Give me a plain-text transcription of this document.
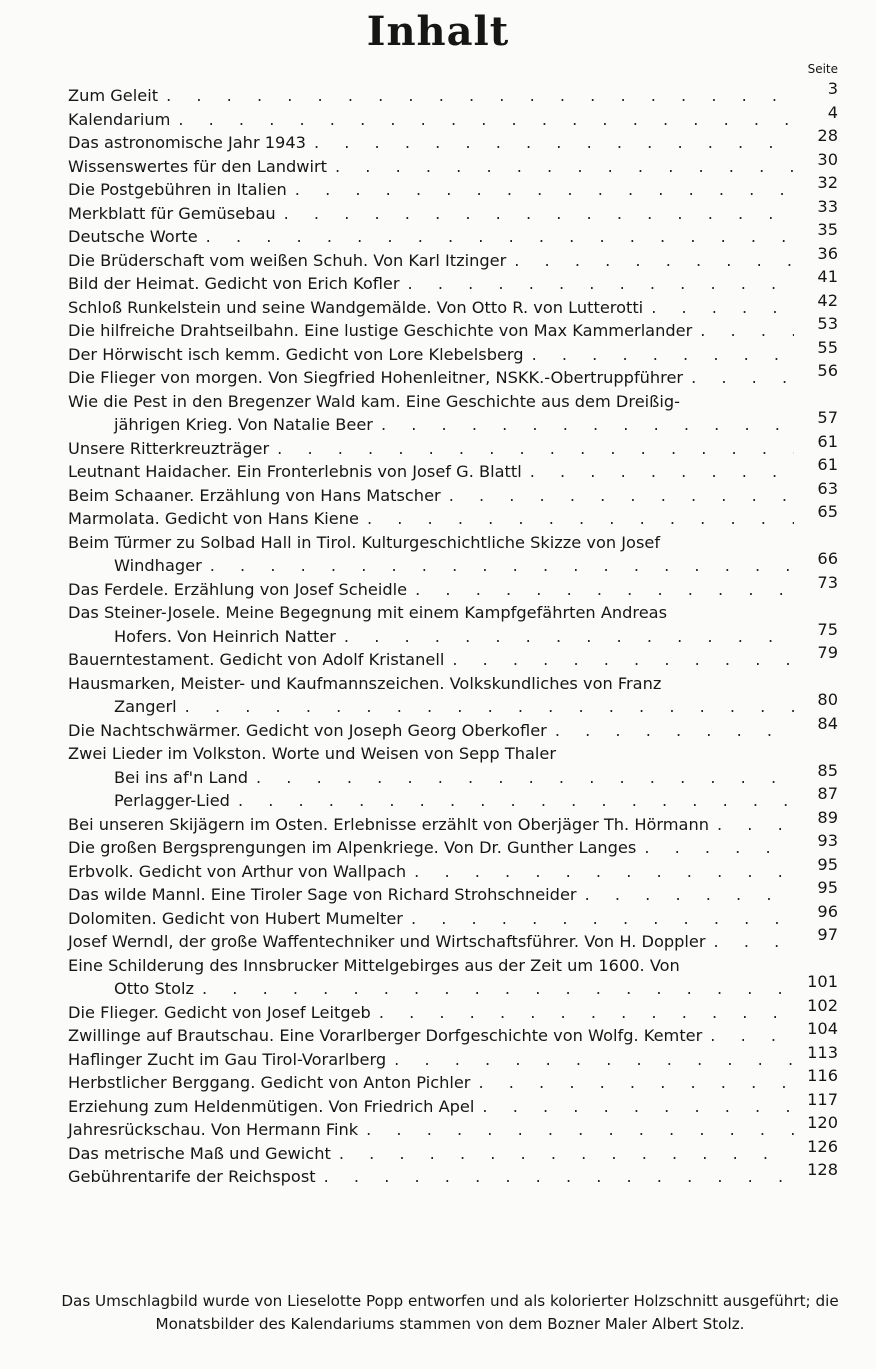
Inhalt
Seite
Zum Geleit . . .	3
Kalendarium . . .	4
Das astronomische Jahr 1943 . . .	28
Wissenswertes für den Landwirt . . .	30
Die Postgebühren in Italien . . .	32
Merkblatt für Gemüsebau . . .	33
Deutsche Worte . . .	35
Die Brüderschaft vom weißen Schuh. Von Karl Itzinger . . .	36
Bild der Heimat. Gedicht von Erich Kofler . . .	41
Schloß Runkelstein und seine Wandgemälde. Von Otto R. von Lutterotti . . .	42
Die hilfreiche Drahtseilbahn. Eine lustige Geschichte von Max Kammerlander . . .	53
Der Hörwischt isch kemm. Gedicht von Lore Klebelsberg . . .	55
Die Flieger von morgen. Von Siegfried Hohenleitner, NSKK.-Obertruppführer . . .	56
Wie die Pest in den Bregenzer Wald kam. Eine Geschichte aus dem Dreißig-
jährigen Krieg. Von Natalie Beer . . .	57
Unsere Ritterkreuzträger . . .	61
Leutnant Haidacher. Ein Fronterlebnis von Josef G. Blattl . . .	61
Beim Schaaner. Erzählung von Hans Matscher . . .	63
Marmolata. Gedicht von Hans Kiene . . .	65
Beim Türmer zu Solbad Hall in Tirol. Kulturgeschichtliche Skizze von Josef
Windhager . . .	66
Das Ferdele. Erzählung von Josef Scheidle . . .	73
Das Steiner-Josele. Meine Begegnung mit einem Kampfgefährten Andreas
Hofers. Von Heinrich Natter . . .	75
Bauerntestament. Gedicht von Adolf Kristanell . . .	79
Hausmarken, Meister- und Kaufmannszeichen. Volkskundliches von Franz
Zangerl . . .	80
Die Nachtschwärmer. Gedicht von Joseph Georg Oberkofler . . .	84
Zwei Lieder im Volkston. Worte und Weisen von Sepp Thaler
Bei ins af'n Land . . .	85
Perlagger-Lied . . .	87
Bei unseren Skijägern im Osten. Erlebnisse erzählt von Oberjäger Th. Hörmann . . .	89
Die großen Bergsprengungen im Alpenkriege. Von Dr. Gunther Langes . . .	93
Erbvolk. Gedicht von Arthur von Wallpach . . .	95
Das wilde Mannl. Eine Tiroler Sage von Richard Strohschneider . . .	95
Dolomiten. Gedicht von Hubert Mumelter . . .	96
Josef Werndl, der große Waffentechniker und Wirtschaftsführer. Von H. Doppler . . .	97
Eine Schilderung des Innsbrucker Mittelgebirges aus der Zeit um 1600. Von
Otto Stolz . . .	101
Die Flieger. Gedicht von Josef Leitgeb . . .	102
Zwillinge auf Brautschau. Eine Vorarlberger Dorfgeschichte von Wolfg. Kemter . . .	104
Haflinger Zucht im Gau Tirol-Vorarlberg . . .	113
Herbstlicher Berggang. Gedicht von Anton Pichler . . .	116
Erziehung zum Heldenmütigen. Von Friedrich Apel . . .	117
Jahresrückschau. Von Hermann Fink . . .	120
Das metrische Maß und Gewicht . . .	126
Gebührentarife der Reichspost . . .	128
Das Umschlagbild wurde von Lieselotte Popp entworfen und als kolorierter Holzschnitt ausgeführt; die Monatsbilder des Kalendariums stammen von dem Bozner Maler Albert Stolz.
